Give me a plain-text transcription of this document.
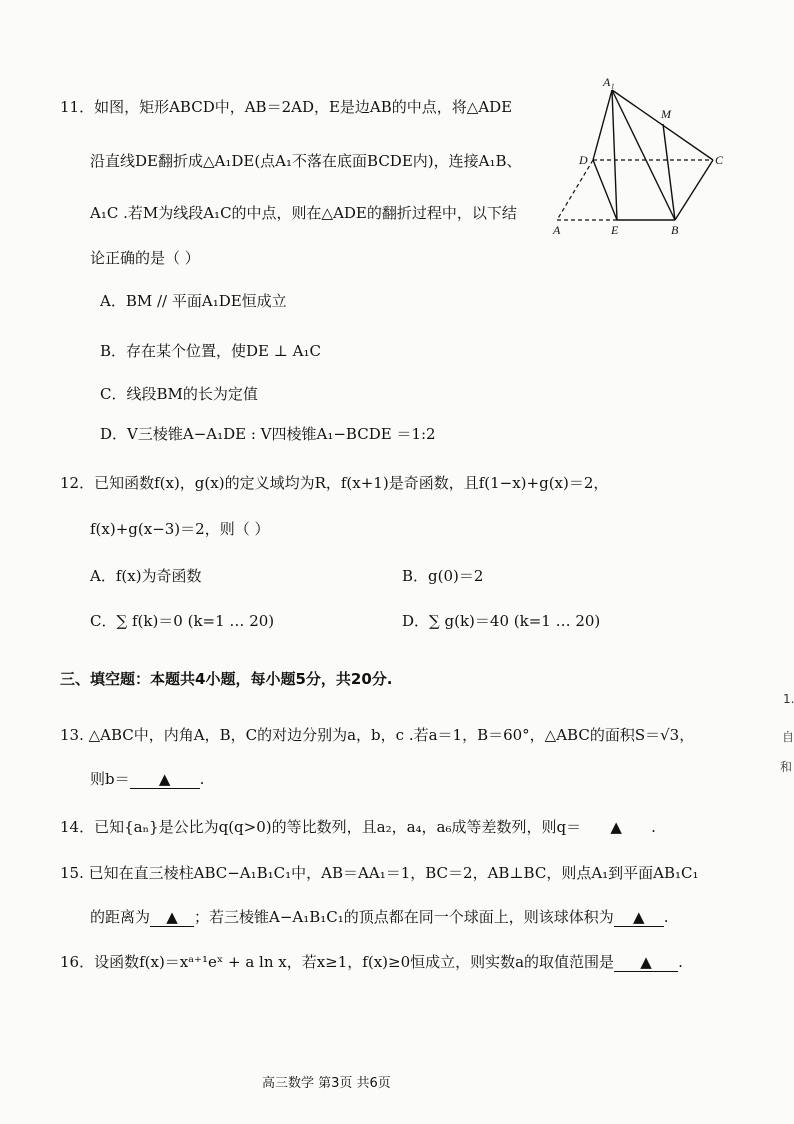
11．如图，矩形ABCD中，AB＝2AD，E是边AB的中点，将△ADE
沿直线DE翻折成△A₁DE(点A₁不落在底面BCDE内)，连接A₁B、
A₁C .若M为线段A₁C的中点，则在△ADE的翻折过程中，以下结
论正确的是（ ）
A．BM // 平面A₁DE恒成立
B．存在某个位置，使DE ⊥ A₁C
C．线段BM的长为定值
D．V三棱锥A−A₁DE : V四棱锥A₁−BCDE ＝1:2
A₁
M
D	C
A	E	B
12．已知函数f(x)，g(x)的定义域均为R，f(x+1)是奇函数，且f(1−x)+g(x)＝2，
f(x)+g(x−3)＝2，则（ ）
A．f(x)为奇函数	B．g(0)＝2
C．∑ f(k)＝0 (k=1 … 20)	D．∑ g(k)＝40 (k=1 … 20)
三、填空题：本题共4小题，每小题5分，共20分.
13. △ABC中，内角A，B，C的对边分别为a，b，c .若a＝1，B＝60°，△ABC的面积S＝√3，
则b＝ ▲ .
14．已知{aₙ}是公比为q(q>0)的等比数列，且a₂，a₄，a₆成等差数列，则q＝ ▲ .
15. 已知在直三棱柱ABC−A₁B₁C₁中，AB＝AA₁＝1，BC＝2，AB⊥BC，则点A₁到平面AB₁C₁
的距离为 ▲ ；若三棱锥A−A₁B₁C₁的顶点都在同一个球面上，则该球体积为 ▲ .
16．设函数f(x)＝xᵃ⁺¹eˣ + a ln x，若x≥1，f(x)≥0恒成立，则实数a的取值范围是 ▲ .
高三数学 第3页 共6页
1.
自
和
